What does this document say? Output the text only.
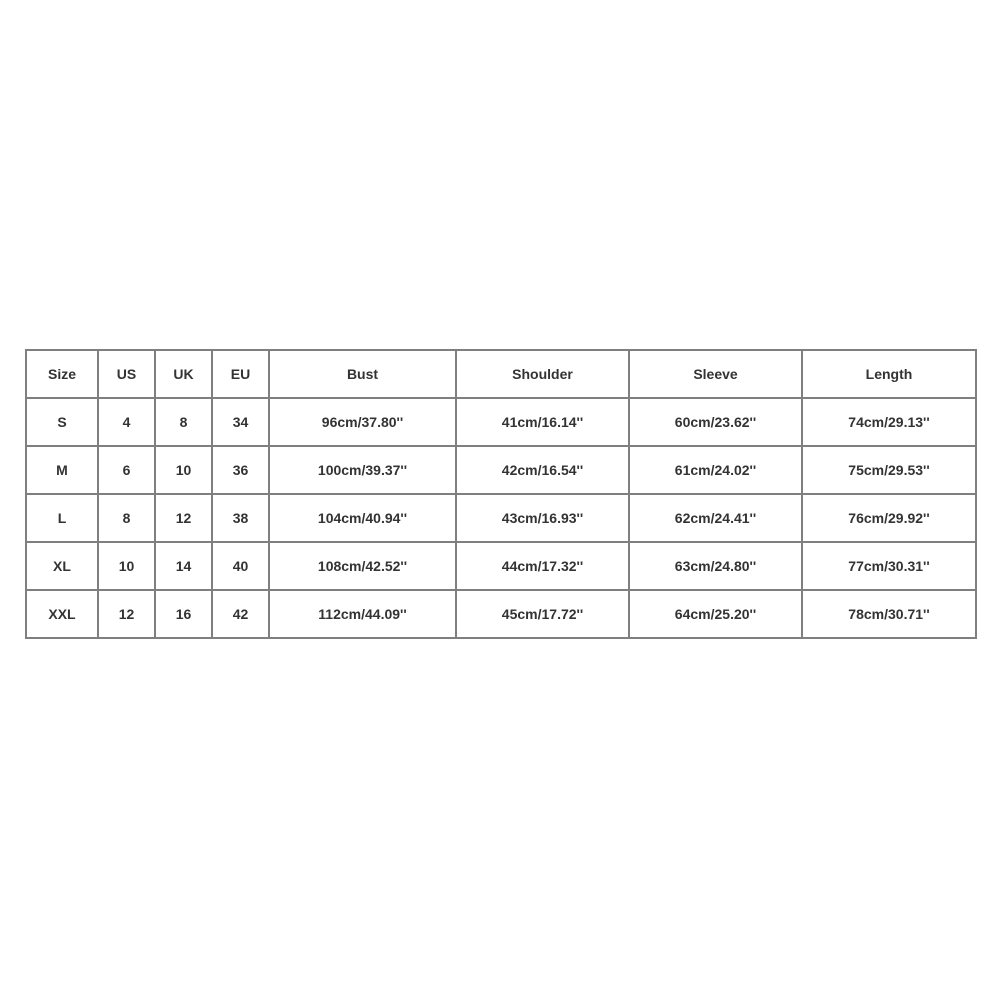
Size	US	UK	EU	Bust	Shoulder	Sleeve	Length
S	4	8	34	96cm/37.80''	41cm/16.14''	60cm/23.62''	74cm/29.13''
M	6	10	36	100cm/39.37''	42cm/16.54''	61cm/24.02''	75cm/29.53''
L	8	12	38	104cm/40.94''	43cm/16.93''	62cm/24.41''	76cm/29.92''
XL	10	14	40	108cm/42.52''	44cm/17.32''	63cm/24.80''	77cm/30.31''
XXL	12	16	42	112cm/44.09''	45cm/17.72''	64cm/25.20''	78cm/30.71''
